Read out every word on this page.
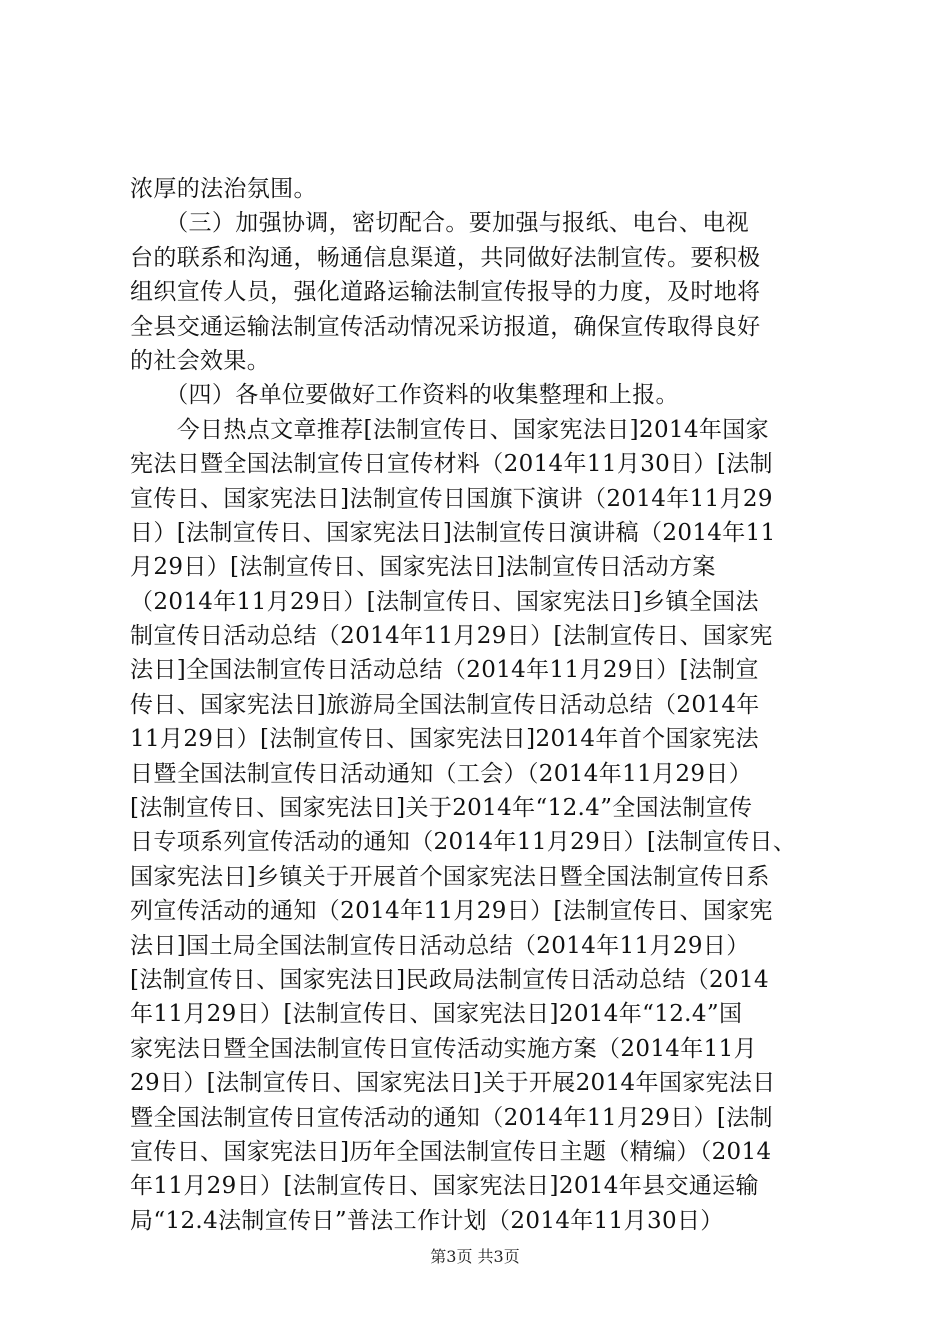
浓厚的法治氛围。
　　（三）加强协调，密切配合。要加强与报纸、电台、电视
台的联系和沟通，畅通信息渠道，共同做好法制宣传。要积极
组织宣传人员，强化道路运输法制宣传报导的力度，及时地将
全县交通运输法制宣传活动情况采访报道，确保宣传取得良好
的社会效果。
　　（四）各单位要做好工作资料的收集整理和上报。
　　今日热点文章推荐[法制宣传日、国家宪法日]2014年国家
宪法日暨全国法制宣传日宣传材料（2014年11月30日）[法制
宣传日、国家宪法日]法制宣传日国旗下演讲（2014年11月29
日）[法制宣传日、国家宪法日]法制宣传日演讲稿（2014年11
月29日）[法制宣传日、国家宪法日]法制宣传日活动方案
（2014年11月29日）[法制宣传日、国家宪法日]乡镇全国法
制宣传日活动总结（2014年11月29日）[法制宣传日、国家宪
法日]全国法制宣传日活动总结（2014年11月29日）[法制宣
传日、国家宪法日]旅游局全国法制宣传日活动总结（2014年
11月29日）[法制宣传日、国家宪法日]2014年首个国家宪法
日暨全国法制宣传日活动通知（工会）（2014年11月29日）
[法制宣传日、国家宪法日]关于2014年“12.4”全国法制宣传
日专项系列宣传活动的通知（2014年11月29日）[法制宣传日、
国家宪法日]乡镇关于开展首个国家宪法日暨全国法制宣传日系
列宣传活动的通知（2014年11月29日）[法制宣传日、国家宪
法日]国土局全国法制宣传日活动总结（2014年11月29日）
[法制宣传日、国家宪法日]民政局法制宣传日活动总结（2014
年11月29日）[法制宣传日、国家宪法日]2014年“12.4”国
家宪法日暨全国法制宣传日宣传活动实施方案（2014年11月
29日）[法制宣传日、国家宪法日]关于开展2014年国家宪法日
暨全国法制宣传日宣传活动的通知（2014年11月29日）[法制
宣传日、国家宪法日]历年全国法制宣传日主题（精编）（2014
年11月29日）[法制宣传日、国家宪法日]2014年县交通运输
局“12.4法制宣传日”普法工作计划（2014年11月30日）
第3页 共3页
